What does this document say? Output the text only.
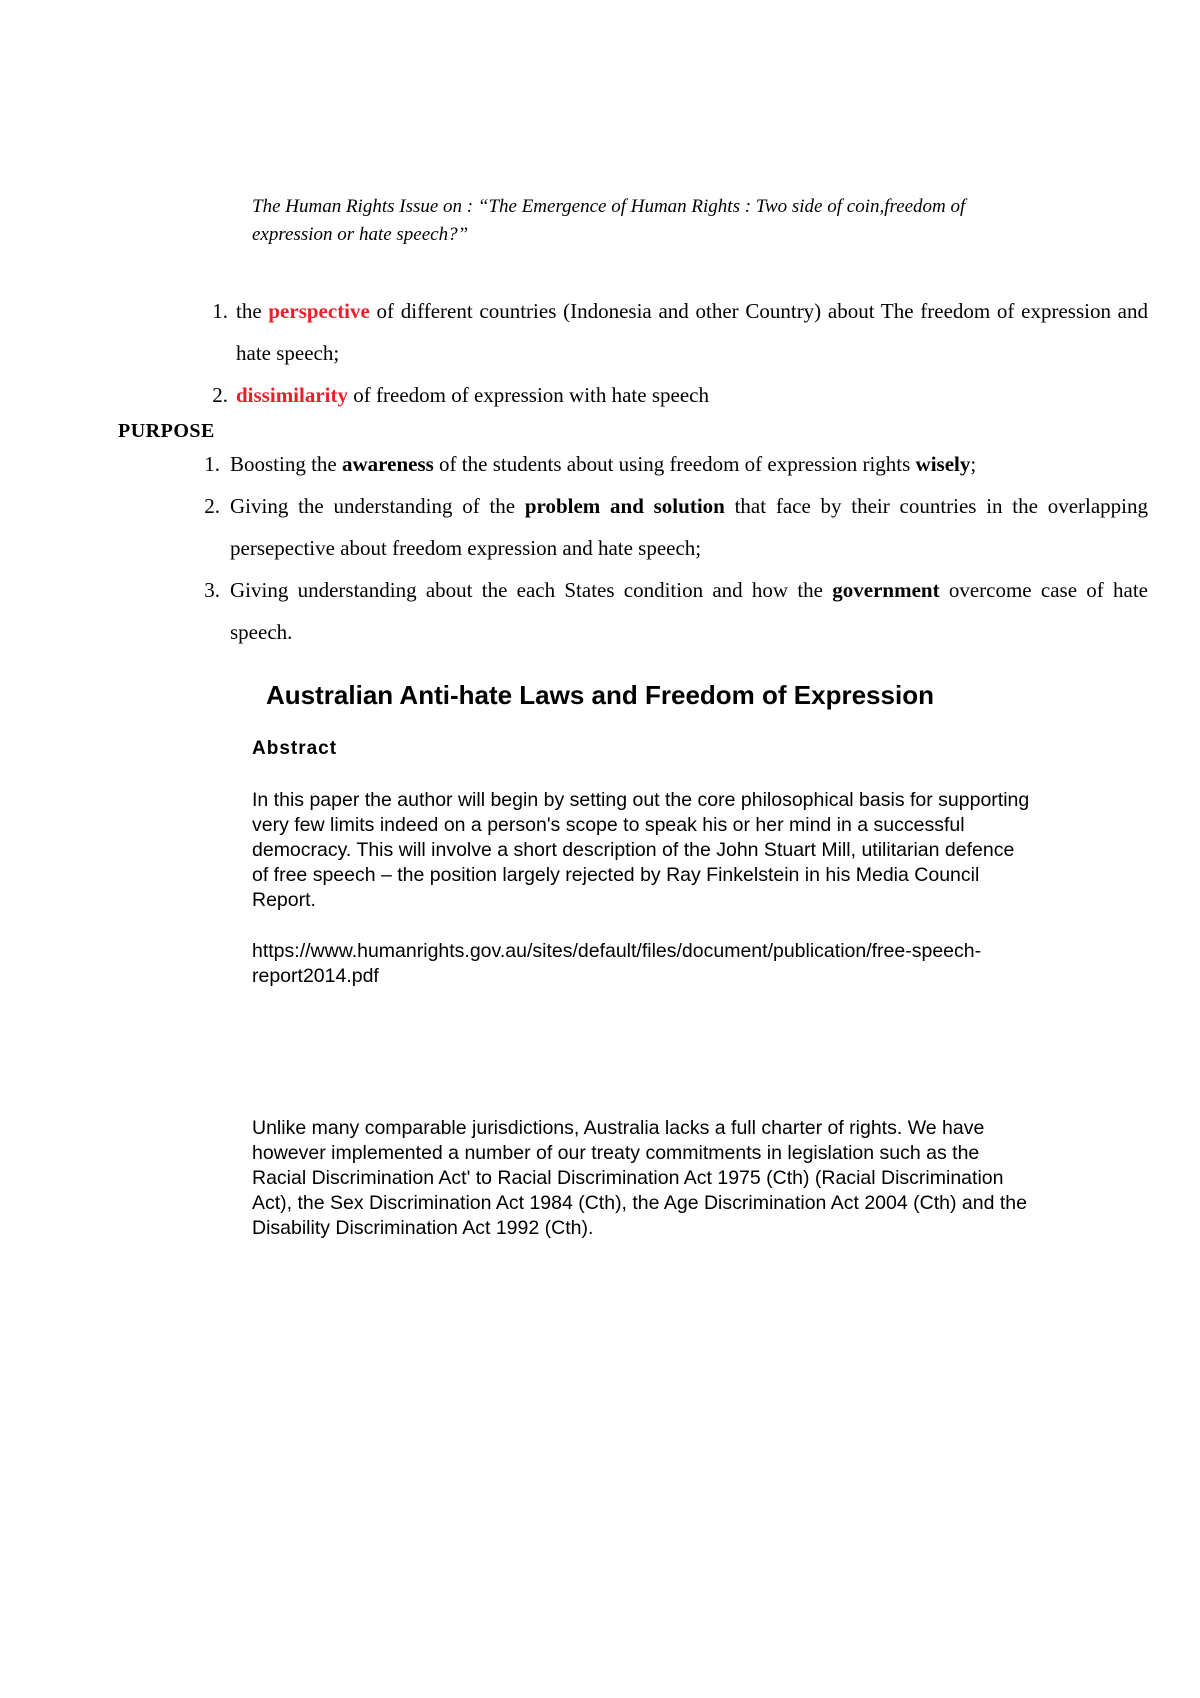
The Human Rights Issue on : “The Emergence of Human Rights : Two side of coin,freedom of
expression or hate speech?”
1. the perspective of different countries (Indonesia and other Country) about The freedom of expression and hate speech;
2. dissimilarity of freedom of expression with hate speech
PURPOSE
1. Boosting the awareness of the students about using freedom of expression rights wisely;
2. Giving the understanding of the problem and solution that face by their countries in the overlapping persepective about freedom expression and hate speech;
3. Giving understanding about the each States condition and how the government overcome case of hate speech.
Australian Anti-hate Laws and Freedom of Expression
Abstract
In this paper the author will begin by setting out the core philosophical basis for supporting
very few limits indeed on a person's scope to speak his or her mind in a successful
democracy. This will involve a short description of the John Stuart Mill, utilitarian defence
of free speech – the position largely rejected by Ray Finkelstein in his Media Council
Report.
https://www.humanrights.gov.au/sites/default/files/document/publication/free-speech-
report2014.pdf
Unlike many comparable jurisdictions, Australia lacks a full charter of rights. We have
however implemented a number of our treaty commitments in legislation such as the
Racial Discrimination Act' to Racial Discrimination Act 1975 (Cth) (Racial Discrimination
Act), the Sex Discrimination Act 1984 (Cth), the Age Discrimination Act 2004 (Cth) and the
Disability Discrimination Act 1992 (Cth).
